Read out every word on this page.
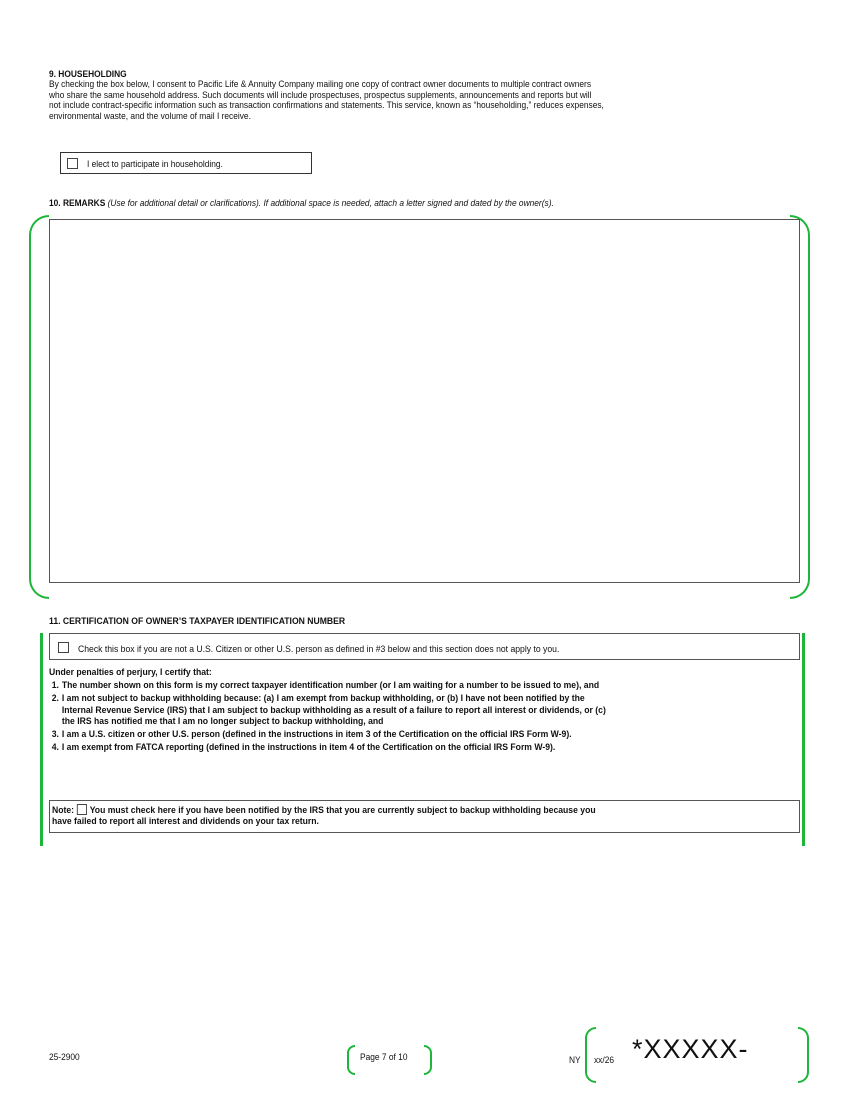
9. HOUSEHOLDING
By checking the box below, I consent to Pacific Life & Annuity Company mailing one copy of contract owner documents to multiple contract owners
who share the same household address. Such documents will include prospectuses, prospectus supplements, announcements and reports but will
not include contract-specific information such as transaction confirmations and statements. This service, known as “householding,” reduces expenses,
environmental waste, and the volume of mail I receive.
I elect to participate in householding.
10. REMARKS (Use for additional detail or clarifications). If additional space is needed, attach a letter signed and dated by the owner(s).
11. CERTIFICATION OF OWNER’S TAXPAYER IDENTIFICATION NUMBER
Check this box if you are not a U.S. Citizen or other U.S. person as defined in #3 below and this section does not apply to you.
Under penalties of perjury, I certify that:
1. The number shown on this form is my correct taxpayer identification number (or I am waiting for a number to be issued to me), and
2. I am not subject to backup withholding because: (a) I am exempt from backup withholding, or (b) I have not been notified by the
Internal Revenue Service (IRS) that I am subject to backup withholding as a result of a failure to report all interest or dividends, or (c)
the IRS has notified me that I am no longer subject to backup withholding, and
3. I am a U.S. citizen or other U.S. person (defined in the instructions in item 3 of the Certification on the official IRS Form W-9).
4. I am exempt from FATCA reporting (defined in the instructions in item 4 of the Certification on the official IRS Form W-9).
Note: You must check here if you have been notified by the IRS that you are currently subject to backup withholding because you
have failed to report all interest and dividends on your tax return.
25-2900	Page 7 of 10	NY xx/26 *XXXXX-
